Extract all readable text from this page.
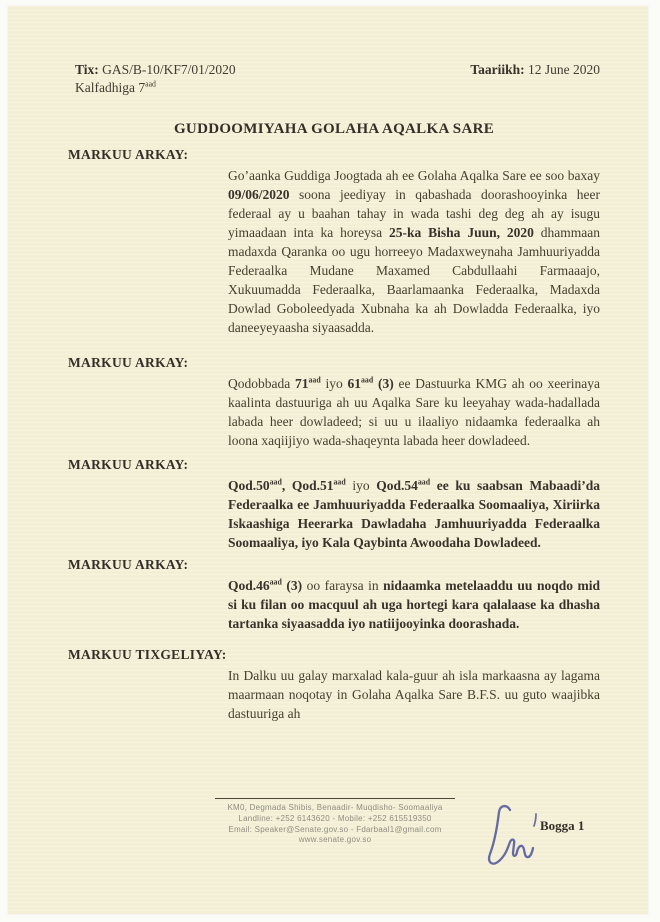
Tix: GAS/B-10/KF7/01/2020	Taariikh: 12 June 2020
Kalfadhiga $7^{aad}$
GUDDOOMIYAHA GOLAHA AQALKA SARE
MARKUU ARKAY:
Go’aanka Guddiga Joogtada ah ee Golaha Aqalka Sare ee soo baxay 09/06/2020 soona jeediyay in qabashada doorashooyinka heer federaal ay u baahan tahay in wada tashi deg deg ah ay isugu yimaadaan inta ka horeysa 25-ka Bisha Juun, 2020 dhammaan madaxda Qaranka oo ugu horreeyo Madaxweynaha Jamhuuriyadda Federaalka Mudane Maxamed Cabdullaahi Farmaaajo, Xukuumadda Federaalka, Baarlamaanka Federaalka, Madaxda Dowlad Goboleedyada Xubnaha ka ah Dowladda Federaalka, iyo daneeyeyaasha siyaasadda.
MARKUU ARKAY:
Qodobbada $71^{aad}$ iyo $61^{aad}$ (3) ee Dastuurka KMG ah oo xeerinaya kaalinta dastuuriga ah uu Aqalka Sare ku leeyahay wada-hadallada labada heer dowladeed; si uu u ilaaliyo nidaamka federaalka ah loona xaqiijiyo wada-shaqeynta labada heer dowladeed.
MARKUU ARKAY:
Qod.50$^{aad}$, Qod.51$^{aad}$ iyo Qod.54$^{aad}$ ee ku saabsan Mabaadi’da Federaalka ee Jamhuuriyadda Federaalka Soomaaliya, Xiriirka Iskaashiga Heerarka Dawladaha Jamhuuriyadda Federaalka Soomaaliya, iyo Kala Qaybinta Awoodaha Dowladeed.
MARKUU ARKAY:
Qod.46$^{aad}$ (3) oo faraysa in nidaamka metelaaddu uu noqdo mid si ku filan oo macquul ah uga hortegi kara qalalaase ka dhasha tartanka siyaasadda iyo natiijooyinka doorashada.
MARKUU TIXGELIYAY:
In Dalku uu galay marxalad kala-guur ah isla markaasna ay lagama maarmaan noqotay in Golaha Aqalka Sare B.F.S. uu guto waajibka dastuuriga ah
KM0, Degmada Shibis, Benaadir- Muqdisho- Soomaaliya
Landline: +252 6143620 - Mobile: +252 615519350
Email: Speaker@Senate.gov.so - Fdarbaal1@gmail.com
www.senate.gov.so
Bogga 1
